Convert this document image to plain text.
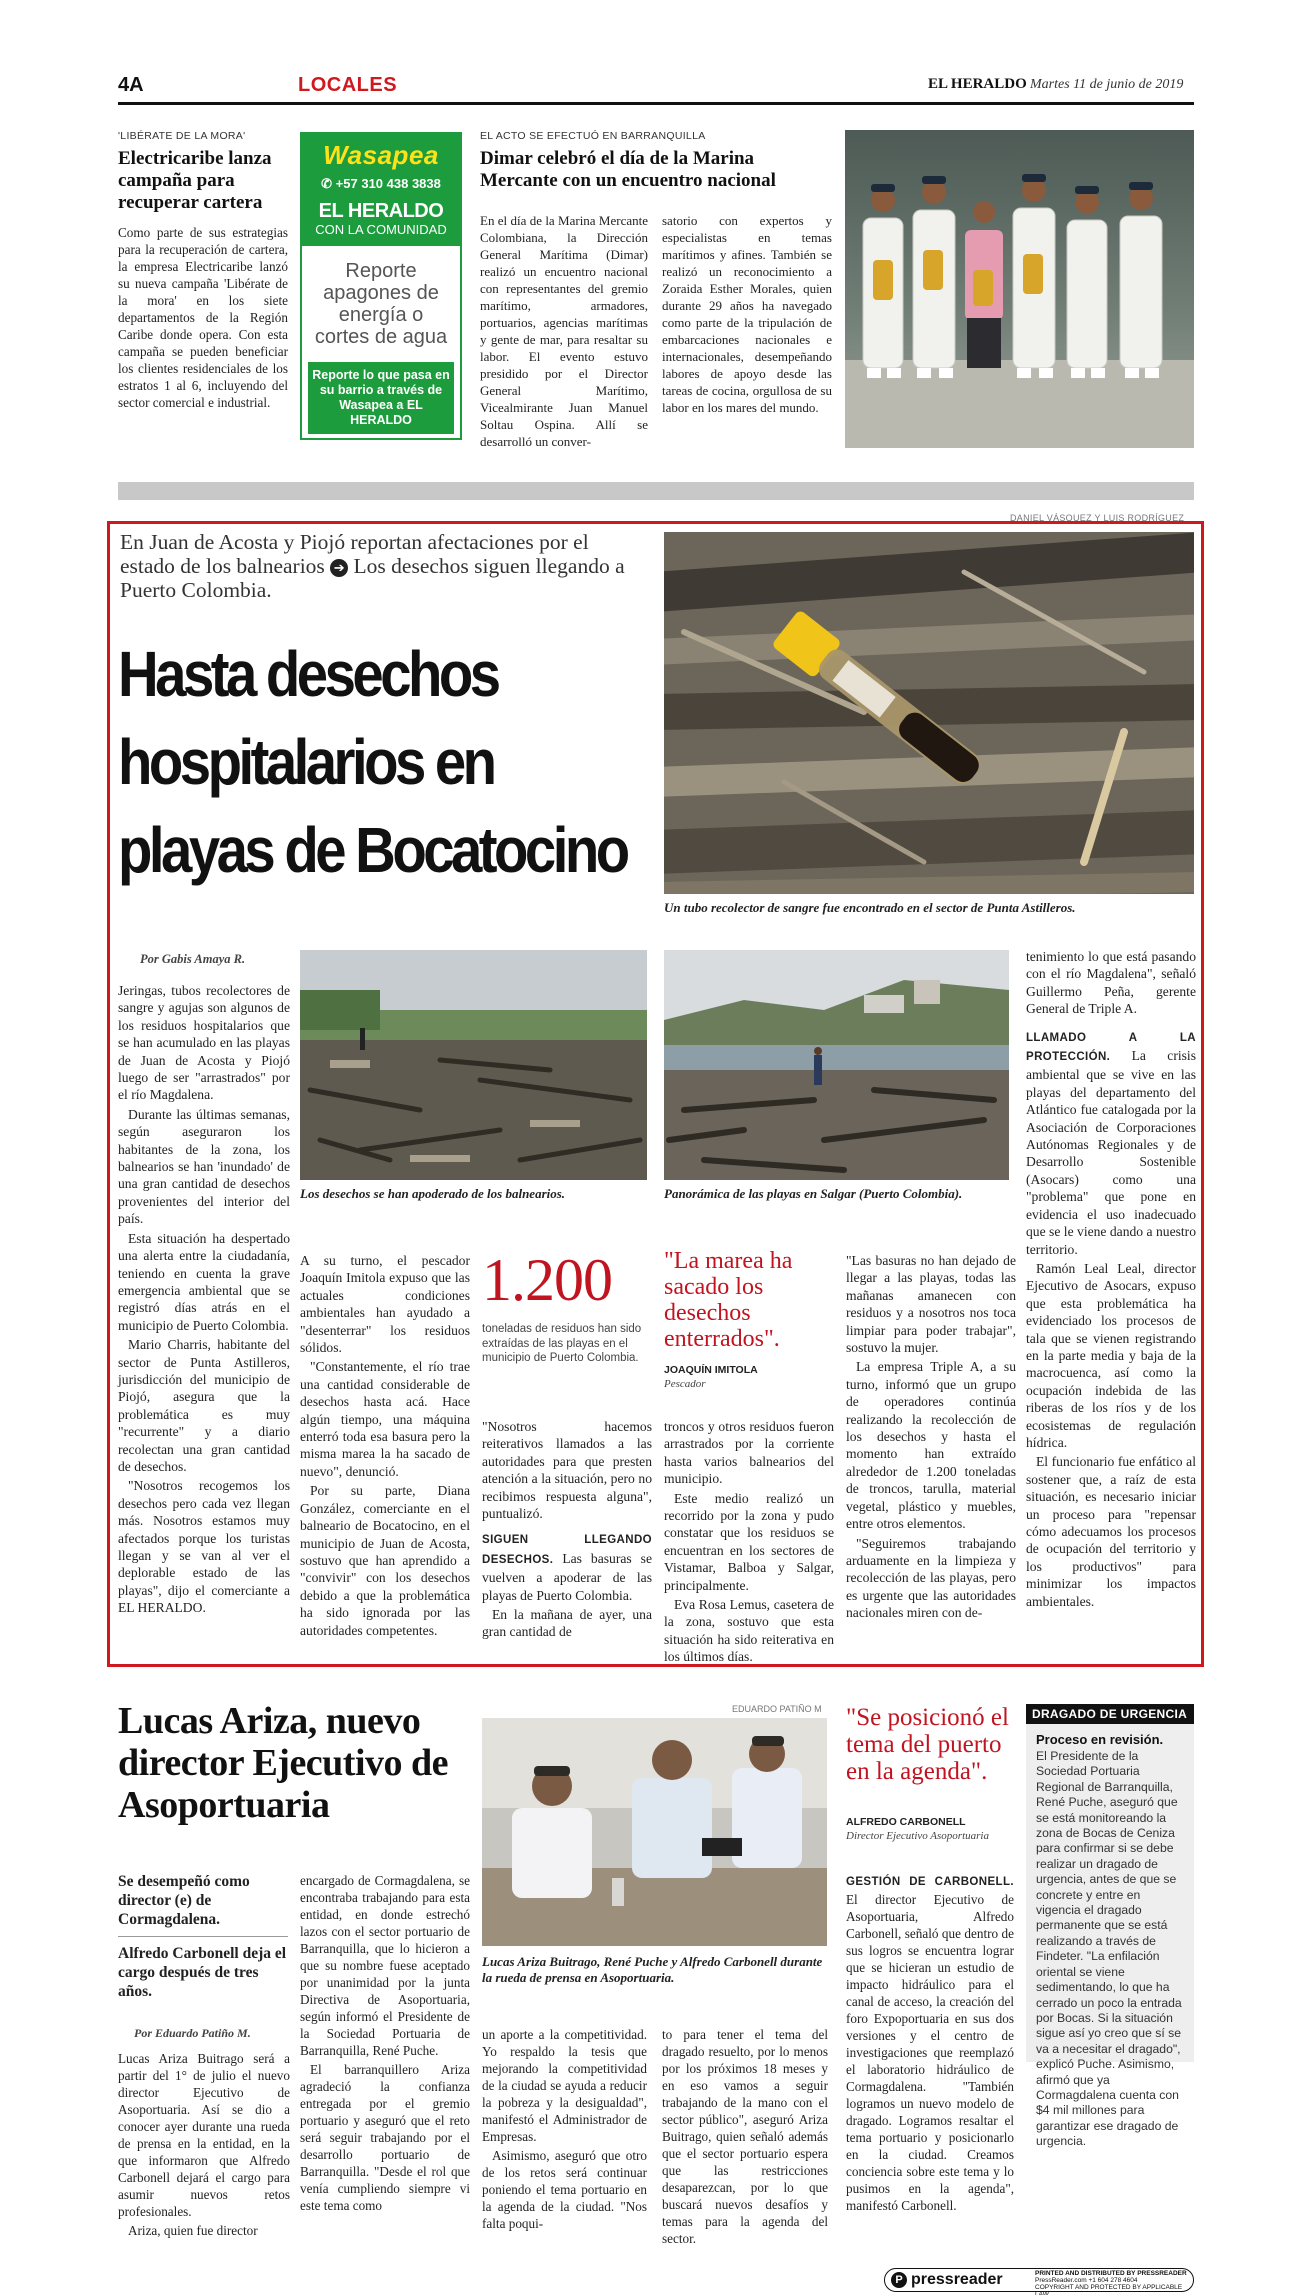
4A	LOCALES	EL HERALDO Martes 11 de junio de 2019
'LIBÉRATE DE LA MORA'
Electricaribe lanza campaña para recuperar cartera
Como parte de sus estrategias para la recuperación de cartera, la empresa Electricaribe lanzó su nueva campaña 'Libérate de la mora' en los siete departamentos de la Región Caribe donde opera. Con esta campaña se pueden beneficiar los clientes residenciales de los estratos 1 al 6, incluyendo del sector comercial e industrial.
Wasapea
✆ +57 310 438 3838
EL HERALDO
CON LA COMUNIDAD
Reporte apagones de energía o cortes de agua
Reporte lo que pasa en su barrio a través de Wasapea a EL HERALDO
EL ACTO SE EFECTUÓ EN BARRANQUILLA
Dimar celebró el día de la Marina Mercante con un encuentro nacional
En el día de la Marina Mercante Colombiana, la Dirección General Marítima (Dimar) realizó un encuentro nacional con representantes del gremio marítimo, armadores, portuarios, agencias marítimas y gente de mar, para resaltar su labor. El evento estuvo presidido por el Director General Marítimo, Vicealmirante Juan Manuel Soltau Ospina. Allí se desarrolló un conver-
satorio con expertos y especialistas en temas marítimos y afines. También se realizó un reconocimiento a Zoraida Esther Morales, quien durante 29 años ha navegado como parte de la tripulación de embarcaciones nacionales e internacionales, desempeñando labores de apoyo desde las tareas de cocina, orgullosa de su labor en los mares del mundo.
DANIEL VÁSQUEZ Y LUIS RODRÍGUEZ
En Juan de Acosta y Piojó reportan afectaciones por el estado de los balnearios ➔ Los desechos siguen llegando a Puerto Colombia.
Hasta desechos
hospitalarios en
playas de Bocatocino
Un tubo recolector de sangre fue encontrado en el sector de Punta Astilleros.
Por Gabis Amaya R.

Jeringas, tubos recolectores de sangre y agujas son algunos de los residuos hospitalarios que se han acumulado en las playas de Juan de Acosta y Piojó luego de ser "arrastrados" por el río Magdalena.

Durante las últimas semanas, según aseguraron los habitantes de la zona, los balnearios se han 'inundado' de una gran cantidad de desechos provenientes del interior del país.

Esta situación ha despertado una alerta entre la ciudadanía, teniendo en cuenta la grave emergencia ambiental que se registró días atrás en el municipio de Puerto Colombia.

Mario Charris, habitante del sector de Punta Astilleros, jurisdicción del municipio de Piojó, asegura que la problemática es muy "recurrente" y a diario recolectan una gran cantidad de desechos.

"Nosotros recogemos los desechos pero cada vez llegan más. Nosotros estamos muy afectados porque los turistas llegan y se van al ver el deplorable estado de las playas", dijo el comerciante a EL HERALDO.

Los desechos se han apoderado de los balnearios.	Panorámica de las playas en Salgar (Puerto Colombia).

A su turno, el pescador Joaquín Imitola expuso que las actuales condiciones ambientales han ayudado a "desenterrar" los residuos sólidos.

"Constantemente, el río trae una cantidad considerable de desechos hasta acá. Hace algún tiempo, una máquina enterró toda esa basura pero la misma marea la ha sacado de nuevo", denunció.

Por su parte, Diana González, comerciante en el balneario de Bocatocino, en el municipio de Juan de Acosta, sostuvo que han aprendido a "convivir" con los desechos debido a que la problemática ha sido ignorada por las autoridades competentes.

1.200
toneladas de residuos han sido extraídas de las playas en el municipio de Puerto Colombia.
"La marea ha sacado los desechos enterrados".
JOAQUÍN IMITOLA
Pescador

"Nosotros hacemos reiterativos llamados a las autoridades para que presten atención a la situación, pero no recibimos respuesta alguna", puntualizó.

SIGUEN LLEGANDO DESECHOS. Las basuras se vuelven a apoderar de las playas de Puerto Colombia.

En la mañana de ayer, una gran cantidad de

troncos y otros residuos fueron arrastrados por la corriente hasta varios balnearios del municipio.

Este medio realizó un recorrido por la zona y pudo constatar que los residuos se encuentran en los sectores de Vistamar, Balboa y Salgar, principalmente.

Eva Rosa Lemus, casetera de la zona, sostuvo que esta situación ha sido reiterativa en los últimos días.

"Las basuras no han dejado de llegar a las playas, todas las mañanas amanecen con residuos y a nosotros nos toca limpiar para poder trabajar", sostuvo la mujer.

La empresa Triple A, a su turno, informó que un grupo de operadores continúa realizando la recolección de los desechos y hasta el momento han extraído alrededor de 1.200 toneladas de troncos, tarulla, material vegetal, plástico y muebles, entre otros elementos.

"Seguiremos trabajando arduamente en la limpieza y recolección de las playas, pero es urgente que las autoridades nacionales miren con de-

tenimiento lo que está pasando con el río Magdalena", señaló Guillermo Peña, gerente General de Triple A.

LLAMADO A LA PROTECCIÓN. La crisis ambiental que se vive en las playas del departamento del Atlántico fue catalogada por la Asociación de Corporaciones Autónomas Regionales y de Desarrollo Sostenible (Asocars) como una "problema" que pone en evidencia el uso inadecuado que se le viene dando a nuestro territorio.

Ramón Leal Leal, director Ejecutivo de Asocars, expuso que esta problemática ha evidenciado los procesos de tala que se vienen registrando en la parte media y baja de la macrocuenca, así como la ocupación indebida de las riberas de los ríos y de los ecosistemas de regulación hídrica.

El funcionario fue enfático al sostener que, a raíz de esta situación, es necesario iniciar un proceso para "repensar cómo adecuamos los procesos de ocupación del territorio y los productivos" para minimizar los impactos ambientales.

Lucas Ariza, nuevo director Ejecutivo de Asoportuaria
Se desempeñó como director (e) de Cormagdalena.
Alfredo Carbonell deja el cargo después de tres años.
Por Eduardo Patiño M.

Lucas Ariza Buitrago será a partir del 1° de julio el nuevo director Ejecutivo de Asoportuaria. Así se dio a conocer ayer durante una rueda de prensa en la entidad, en la que informaron que Alfredo Carbonell dejará el cargo para asumir nuevos retos profesionales.

Ariza, quien fue director

encargado de Cormagdalena, se encontraba trabajando para esta entidad, en donde estrechó lazos con el sector portuario de Barranquilla, que lo hicieron a que su nombre fuese aceptado por unanimidad por la junta Directiva de Asoportuaria, según informó el Presidente de la Sociedad Portuaria de Barranquilla, René Puche.

El barranquillero Ariza agradeció la confianza entregada por el gremio portuario y aseguró que el reto será seguir trabajando por el desarrollo portuario de Barranquilla. "Desde el rol que venía cumpliendo siempre vi este tema como

EDUARDO PATIÑO M
Lucas Ariza Buitrago, René Puche y Alfredo Carbonell durante la rueda de prensa en Asoportuaria.

un aporte a la competitividad. Yo respaldo la tesis que mejorando la competitividad de la ciudad se ayuda a reducir la pobreza y la desigualdad", manifestó el Administrador de Empresas.

Asimismo, aseguró que otro de los retos será continuar poniendo el tema portuario en la agenda de la ciudad. "Nos falta poqui-

to para tener el tema del dragado resuelto, por lo menos por los próximos 18 meses y en eso vamos a seguir trabajando de la mano con el sector público", aseguró Ariza Buitrago, quien señaló además que el sector portuario espera que las restricciones desaparezcan, por lo que buscará nuevos desafíos y temas para la agenda del sector.

"Se posicionó el tema del puerto en la agenda".
ALFREDO CARBONELL
Director Ejecutivo Asoportuaria

GESTIÓN DE CARBONELL. El director Ejecutivo de Asoportuaria, Alfredo Carbonell, señaló que dentro de sus logros se encuentra lograr que se hicieran un estudio de impacto hidráulico para el canal de acceso, la creación del foro Expoportuaria en sus dos versiones y el centro de investigaciones que reemplazó el laboratorio hidráulico de Cormagdalena. "También logramos un nuevo modelo de dragado. Logramos resaltar el tema portuario y posicionarlo en la ciudad. Creamos conciencia sobre este tema y lo pusimos en la agenda", manifestó Carbonell.

DRAGADO DE URGENCIA
Proceso en revisión.
El Presidente de la Sociedad Portuaria Regional de Barranquilla, René Puche, aseguró que se está monitoreando la zona de Bocas de Ceniza para confirmar si se debe realizar un dragado de urgencia, antes de que se concrete y entre en vigencia el dragado permanente que se está realizando a través de Findeter. "La enfilación oriental se viene sedimentando, lo que ha cerrado un poco la entrada por Bocas. Si la situación sigue así yo creo que sí se va a necesitar el dragado", explicó Puche. Asimismo, afirmó que ya Cormagdalena cuenta con $4 mil millones para garantizar ese dragado de urgencia.
P pressreader	PRINTED AND DISTRIBUTED BY PRESSREADER
PressReader.com +1 604 278 4604
COPYRIGHT AND PROTECTED BY APPLICABLE LAW
